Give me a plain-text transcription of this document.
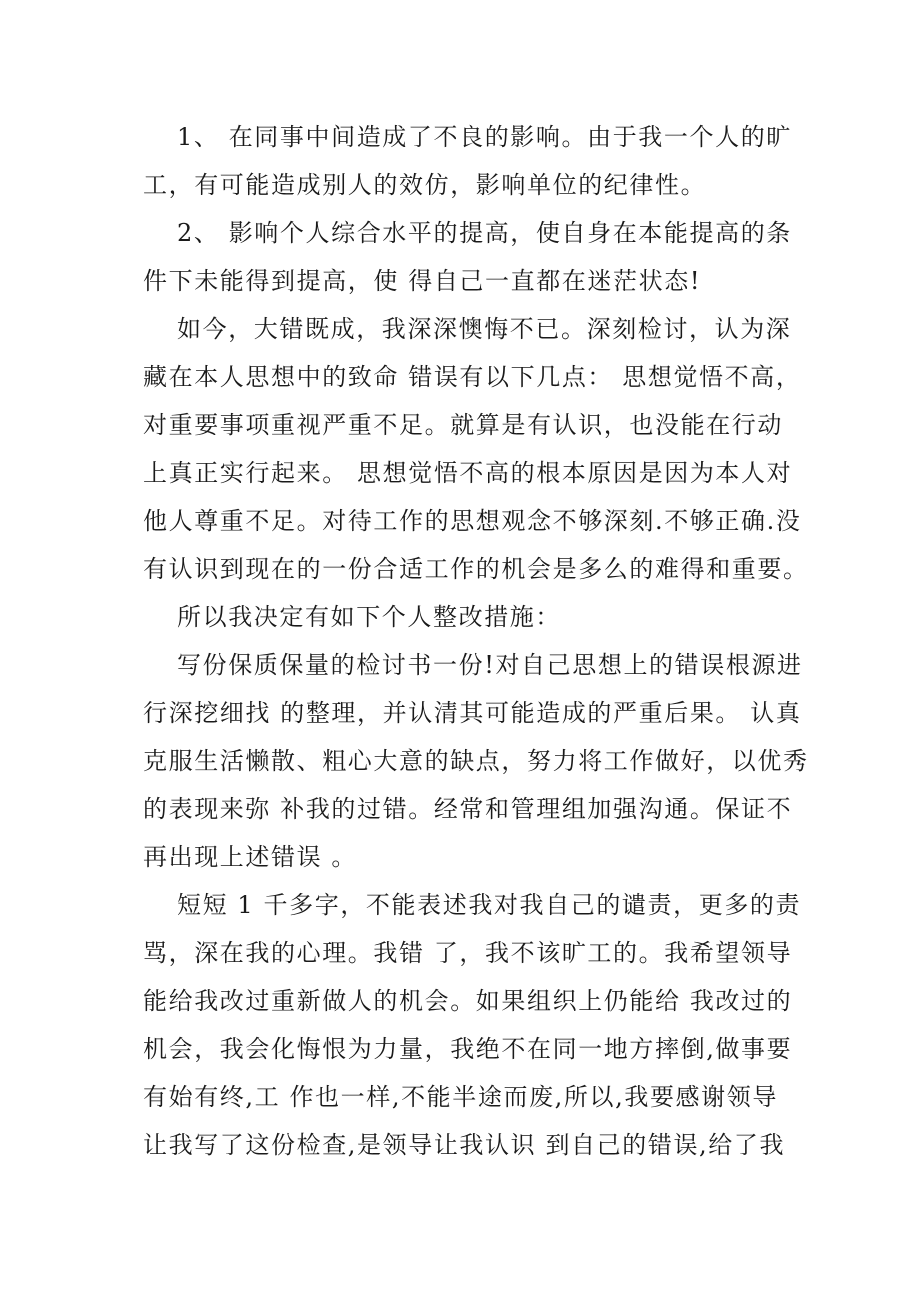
1、 在同事中间造成了不良的影响。由于我一个人的旷
工，有可能造成别人的效仿，影响单位的纪律性。
2、 影响个人综合水平的提高，使自身在本能提高的条
件下未能得到提高，使 得自己一直都在迷茫状态!
如今，大错既成，我深深懊悔不已。深刻检讨，认为深
藏在本人思想中的致命 错误有以下几点： 思想觉悟不高，
对重要事项重视严重不足。就算是有认识，也没能在行动
上真正实行起来。 思想觉悟不高的根本原因是因为本人对
他人尊重不足。对待工作的思想观念不够深刻.不够正确.没
有认识到现在的一份合适工作的机会是多么的难得和重要。
所以我决定有如下个人整改措施：
写份保质保量的检讨书一份!对自己思想上的错误根源进
行深挖细找 的整理，并认清其可能造成的严重后果。 认真
克服生活懒散、粗心大意的缺点，努力将工作做好，以优秀
的表现来弥 补我的过错。经常和管理组加强沟通。保证不
再出现上述错误 。
短短 1 千多字，不能表述我对我自己的谴责，更多的责
骂，深在我的心理。我错 了，我不该旷工的。我希望领导
能给我改过重新做人的机会。如果组织上仍能给 我改过的
机会，我会化悔恨为力量，我绝不在同一地方摔倒,做事要
有始有终,工 作也一样,不能半途而废,所以,我要感谢领导
让我写了这份检查,是领导让我认识 到自己的错误,给了我
